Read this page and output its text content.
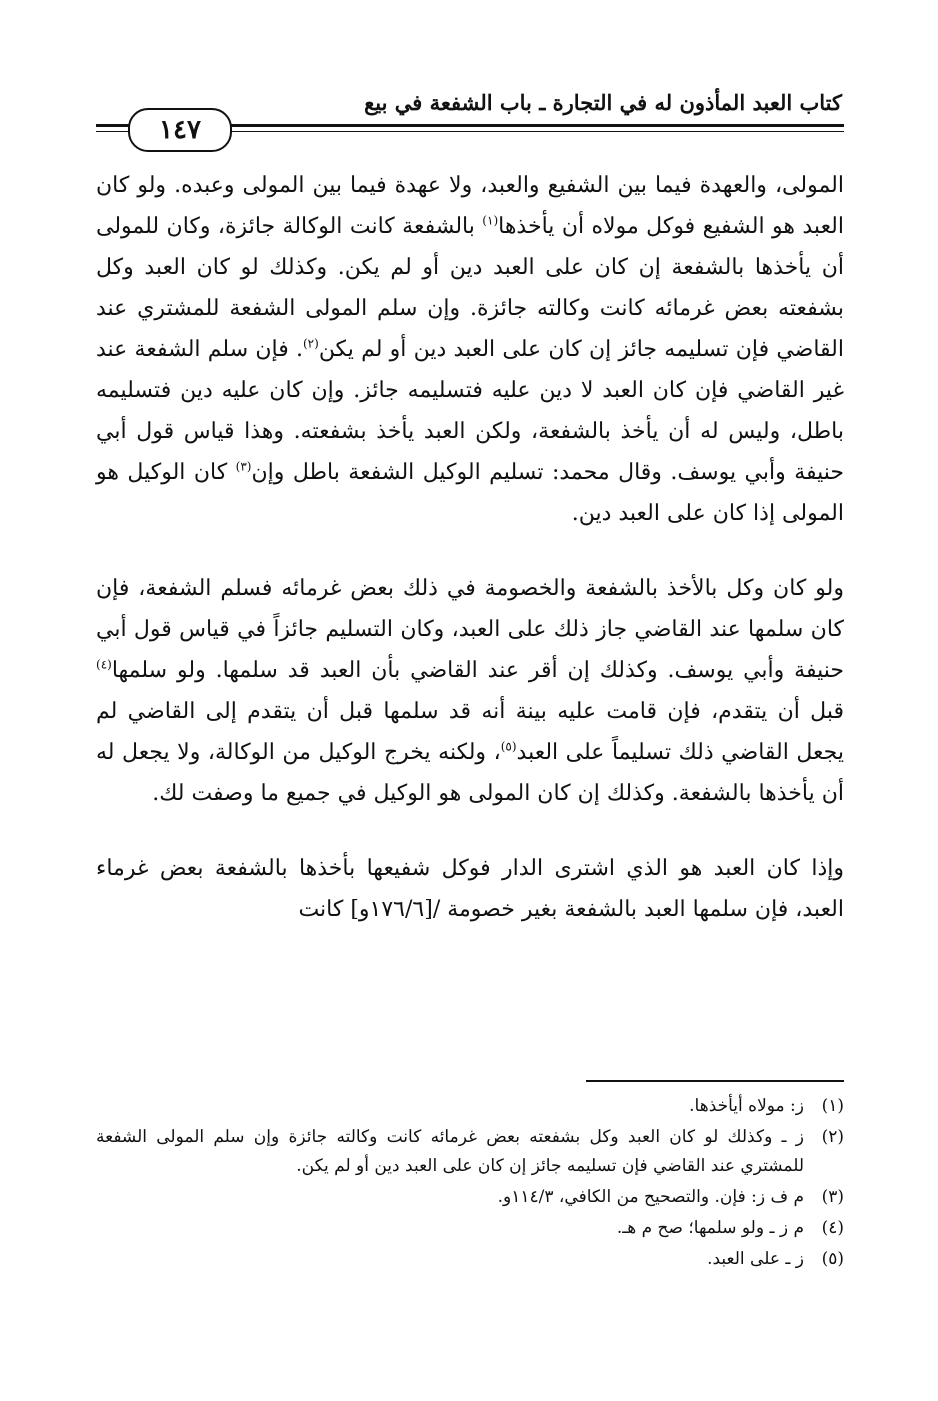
كتاب العبد المأذون له في التجارة ـ باب الشفعة في بيع
١٤٧

المولى، والعهدة فيما بين الشفيع والعبد، ولا عهدة فيما بين المولى وعبده. ولو كان العبد هو الشفيع فوكل مولاه أن يأخذها$^{(١)}$ بالشفعة كانت الوكالة جائزة، وكان للمولى أن يأخذها بالشفعة إن كان على العبد دين أو لم يكن. وكذلك لو كان العبد وكل بشفعته بعض غرمائه كانت وكالته جائزة. وإن سلم المولى الشفعة للمشتري عند القاضي فإن تسليمه جائز إن كان على العبد دين أو لم يكن$^{(٢)}$. فإن سلم الشفعة عند غير القاضي فإن كان العبد لا دين عليه فتسليمه جائز. وإن كان عليه دين فتسليمه باطل، وليس له أن يأخذ بالشفعة، ولكن العبد يأخذ بشفعته. وهذا قياس قول أبي حنيفة وأبي يوسف. وقال محمد: تسليم الوكيل الشفعة باطل وإن$^{(٣)}$ كان الوكيل هو المولى إذا كان على العبد دين.

ولو كان وكل بالأخذ بالشفعة والخصومة في ذلك بعض غرمائه فسلم الشفعة، فإن كان سلمها عند القاضي جاز ذلك على العبد، وكان التسليم جائزاً في قياس قول أبي حنيفة وأبي يوسف. وكذلك إن أقر عند القاضي بأن العبد قد سلمها. ولو سلمها$^{(٤)}$ قبل أن يتقدم، فإن قامت عليه بينة أنه قد سلمها قبل أن يتقدم إلى القاضي لم يجعل القاضي ذلك تسليماً على العبد$^{(٥)}$، ولكنه يخرج الوكيل من الوكالة، ولا يجعل له أن يأخذها بالشفعة. وكذلك إن كان المولى هو الوكيل في جميع ما وصفت لك.

وإذا كان العبد هو الذي اشترى الدار فوكل شفيعها بأخذها بالشفعة بعض غرماء العبد، فإن سلمها العبد بالشفعة بغير خصومة /[١٧٦/٦و] كانت

(١)
ز: مولاه أيأخذها.
(٢)
ز ـ وكذلك لو كان العبد وكل بشفعته بعض غرمائه كانت وكالته جائزة وإن سلم المولى الشفعة للمشتري عند القاضي فإن تسليمه جائز إن كان على العبد دين أو لم يكن.
(٣)
م ف ز: فإن. والتصحيح من الكافي، ١١٤/٣و.
(٤)
م ز ـ ولو سلمها؛ صح م هـ.
(٥)
ز ـ على العبد.
